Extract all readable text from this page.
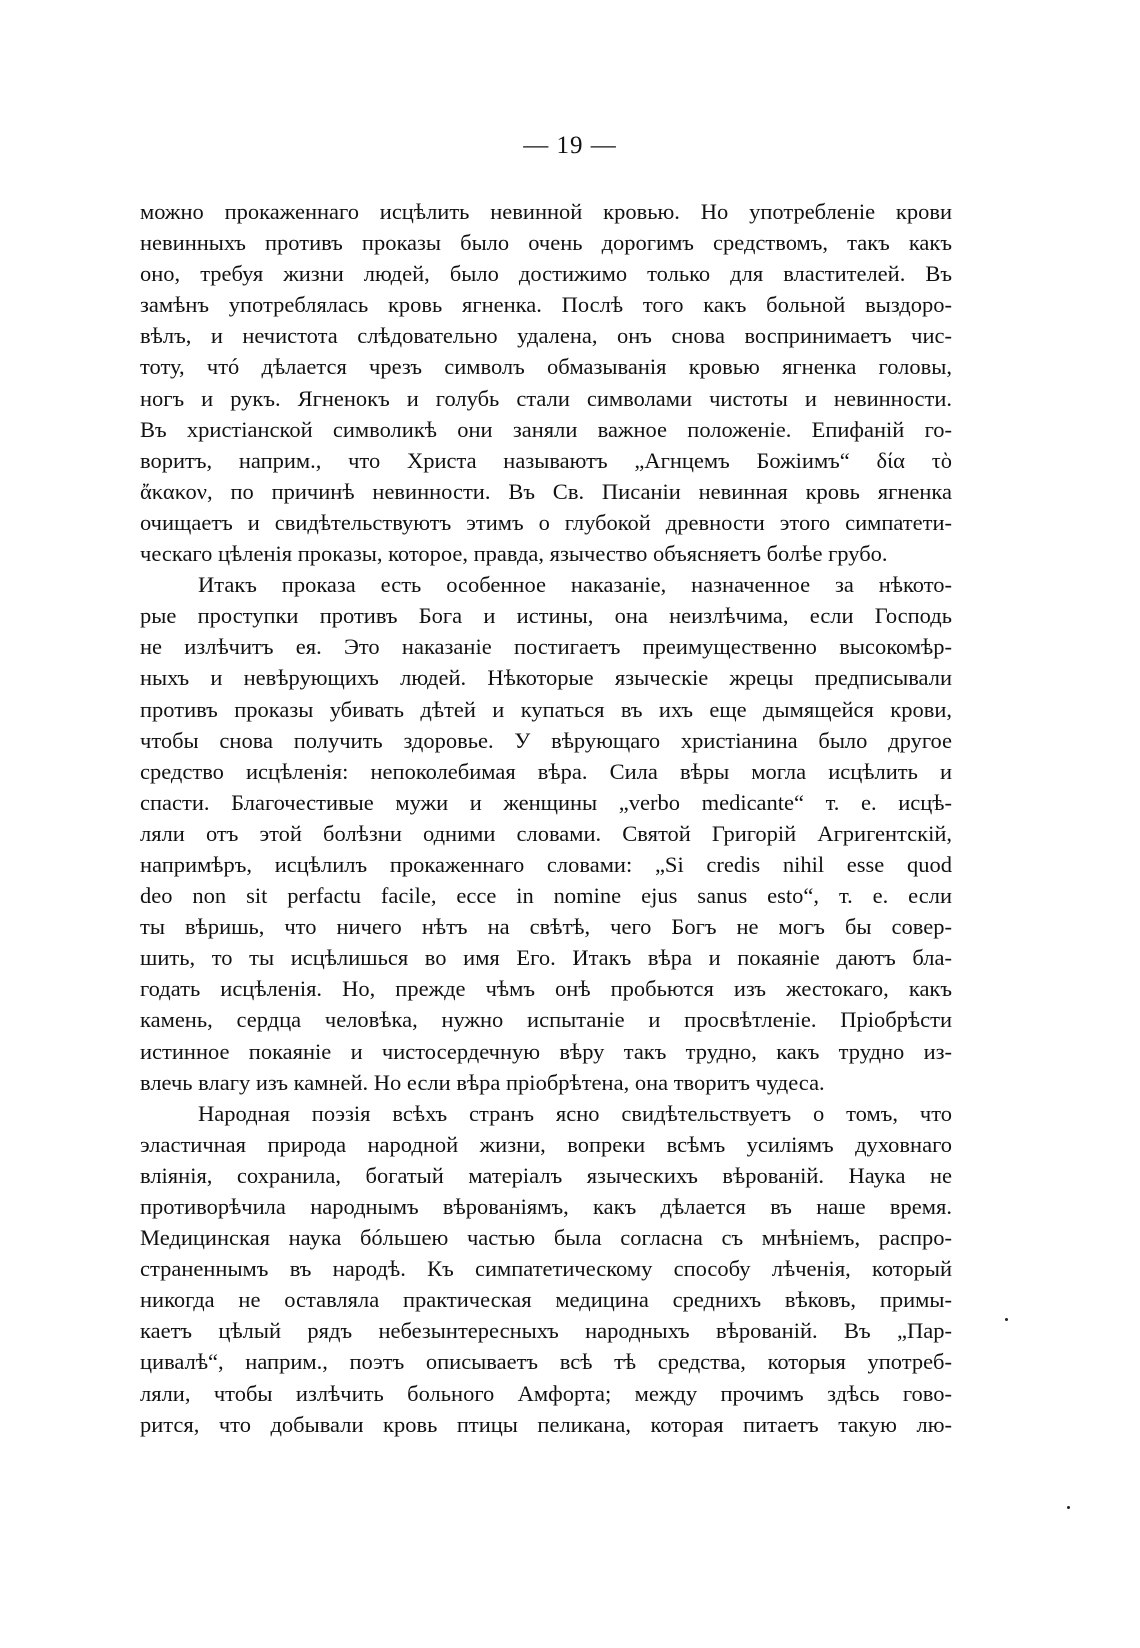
— 19 —
можно прокаженнаго исцѣлить невинной кровью. Но употребленіе крови
невинныхъ противъ проказы было очень дорогимъ средствомъ, такъ какъ
оно, требуя жизни людей, было достижимо только для властителей. Въ
замѣнъ употреблялась кровь ягненка. Послѣ того какъ больной выздоро-
вѣлъ, и нечистота слѣдовательно удалена, онъ снова воспринимаетъ чис-
тоту, чтó дѣлается чрезъ символъ обмазыванія кровью ягненка головы,
ногъ и рукъ. Ягненокъ и голубь стали символами чистоты и невинности.
Въ христіанской символикѣ они заняли важное положеніе. Епифаній го-
воритъ, наприм., что Христа называютъ „Агнцемъ Божіимъ“ δία τὸ
ἄκακον, по причинѣ невинности. Въ Св. Писаніи невинная кровь ягненка
очищаетъ и свидѣтельствуютъ этимъ о глубокой древности этого симпатети-
ческаго цѣленія проказы, которое, правда, язычество объясняетъ болѣе грубо.
Итакъ проказа есть особенное наказаніе, назначенное за нѣкото-
рые проступки противъ Бога и истины, она неизлѣчима, если Господь
не излѣчитъ ея. Это наказаніе постигаетъ преимущественно высокомѣр-
ныхъ и невѣрующихъ людей. Нѣкоторые языческіе жрецы предписывали
противъ проказы убивать дѣтей и купаться въ ихъ еще дымящейся крови,
чтобы снова получить здоровье. У вѣрующаго христіанина было другое
средство исцѣленія: непоколебимая вѣра. Сила вѣры могла исцѣлить и
спасти. Благочестивые мужи и женщины „verbo medicante“ т. е. исцѣ-
ляли отъ этой болѣзни одними словами. Святой Григорій Агригентскій,
напримѣръ, исцѣлилъ прокаженнаго словами: „Si credis nihil esse quod
deo non sit perfactu facile, ecce in nomine ejus sanus esto“, т. е. если
ты вѣришь, что ничего нѣтъ на свѣтѣ, чего Богъ не могъ бы совер-
шить, то ты исцѣлишься во имя Его. Итакъ вѣра и покаяніе даютъ бла-
годать исцѣленія. Но, прежде чѣмъ онѣ пробьются изъ жестокаго, какъ
камень, сердца человѣка, нужно испытаніе и просвѣтленіе. Пріобрѣсти
истинное покаяніе и чистосердечную вѣру такъ трудно, какъ трудно из-
влечь влагу изъ камней. Но если вѣра пріобрѣтена, она творитъ чудеса.
Народная поэзія всѣхъ странъ ясно свидѣтельствуетъ о томъ, что
эластичная природа народной жизни, вопреки всѣмъ усиліямъ духовнаго
вліянія, сохранила, богатый матеріалъ языческихъ вѣрованій. Наука не
противорѣчила народнымъ вѣрованіямъ, какъ дѣлается въ наше время.
Медицинская наука бóльшею частью была согласна съ мнѣніемъ, распро-
страненнымъ въ народѣ. Къ симпатетическому способу лѣченія, который
никогда не оставляла практическая медицина среднихъ вѣковъ, примы-
каетъ цѣлый рядъ небезынтересныхъ народныхъ вѣрованій. Въ „Пар-
цивалѣ“, наприм., поэтъ описываетъ всѣ тѣ средства, которыя употреб-
ляли, чтобы излѣчить больного Амфорта; между прочимъ здѣсь гово-
рится, что добывали кровь птицы пеликана, которая питаетъ такую лю-
